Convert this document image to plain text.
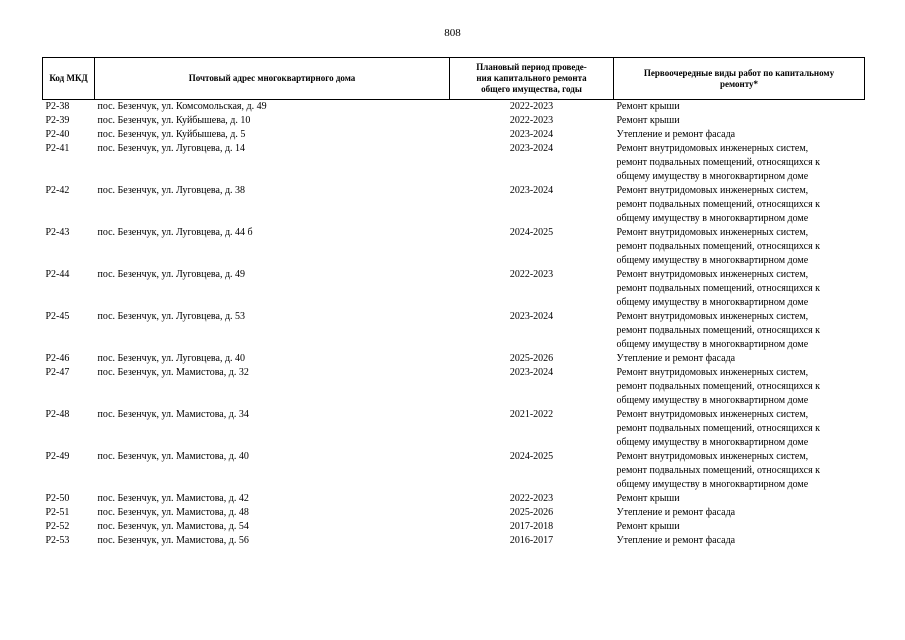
808
Код МКД	Почтовый адрес многоквартирного дома	Плановый период проведе-
ния капитального ремонта
общего имущества, годы	Первоочередные виды работ по капитальному
ремонту*

Р2-38	пос. Безенчук, ул. Комсомольская, д. 49	2022-2023	Ремонт крыши

Р2-39	пос. Безенчук, ул. Куйбышева, д. 10	2022-2023	Ремонт крыши

Р2-40	пос. Безенчук, ул. Куйбышева, д. 5	2023-2024	Утепление и ремонт фасада

Р2-41	пос. Безенчук, ул. Луговцева, д. 14	2023-2024	Ремонт внутридомовых инженерных систем,
ремонт подвальных помещений, относящихся к
общему имуществу в многоквартирном доме

Р2-42	пос. Безенчук, ул. Луговцева, д. 38	2023-2024	Ремонт внутридомовых инженерных систем,
ремонт подвальных помещений, относящихся к
общему имуществу в многоквартирном доме

Р2-43	пос. Безенчук, ул. Луговцева, д. 44 б	2024-2025	Ремонт внутридомовых инженерных систем,
ремонт подвальных помещений, относящихся к
общему имуществу в многоквартирном доме

Р2-44	пос. Безенчук, ул. Луговцева, д. 49	2022-2023	Ремонт внутридомовых инженерных систем,
ремонт подвальных помещений, относящихся к
общему имуществу в многоквартирном доме

Р2-45	пос. Безенчук, ул. Луговцева, д. 53	2023-2024	Ремонт внутридомовых инженерных систем,
ремонт подвальных помещений, относящихся к
общему имуществу в многоквартирном доме

Р2-46	пос. Безенчук, ул. Луговцева, д. 40	2025-2026	Утепление и ремонт фасада

Р2-47	пос. Безенчук, ул. Мамистова, д. 32	2023-2024	Ремонт внутридомовых инженерных систем,
ремонт подвальных помещений, относящихся к
общему имуществу в многоквартирном доме

Р2-48	пос. Безенчук, ул. Мамистова, д. 34	2021-2022	Ремонт внутридомовых инженерных систем,
ремонт подвальных помещений, относящихся к
общему имуществу в многоквартирном доме

Р2-49	пос. Безенчук, ул. Мамистова, д. 40	2024-2025	Ремонт внутридомовых инженерных систем,
ремонт подвальных помещений, относящихся к
общему имуществу в многоквартирном доме

Р2-50	пос. Безенчук, ул. Мамистова, д. 42	2022-2023	Ремонт крыши

Р2-51	пос. Безенчук, ул. Мамистова, д. 48	2025-2026	Утепление и ремонт фасада

Р2-52	пос. Безенчук, ул. Мамистова, д. 54	2017-2018	Ремонт крыши

Р2-53	пос. Безенчук, ул. Мамистова, д. 56	2016-2017	Утепление и ремонт фасада
